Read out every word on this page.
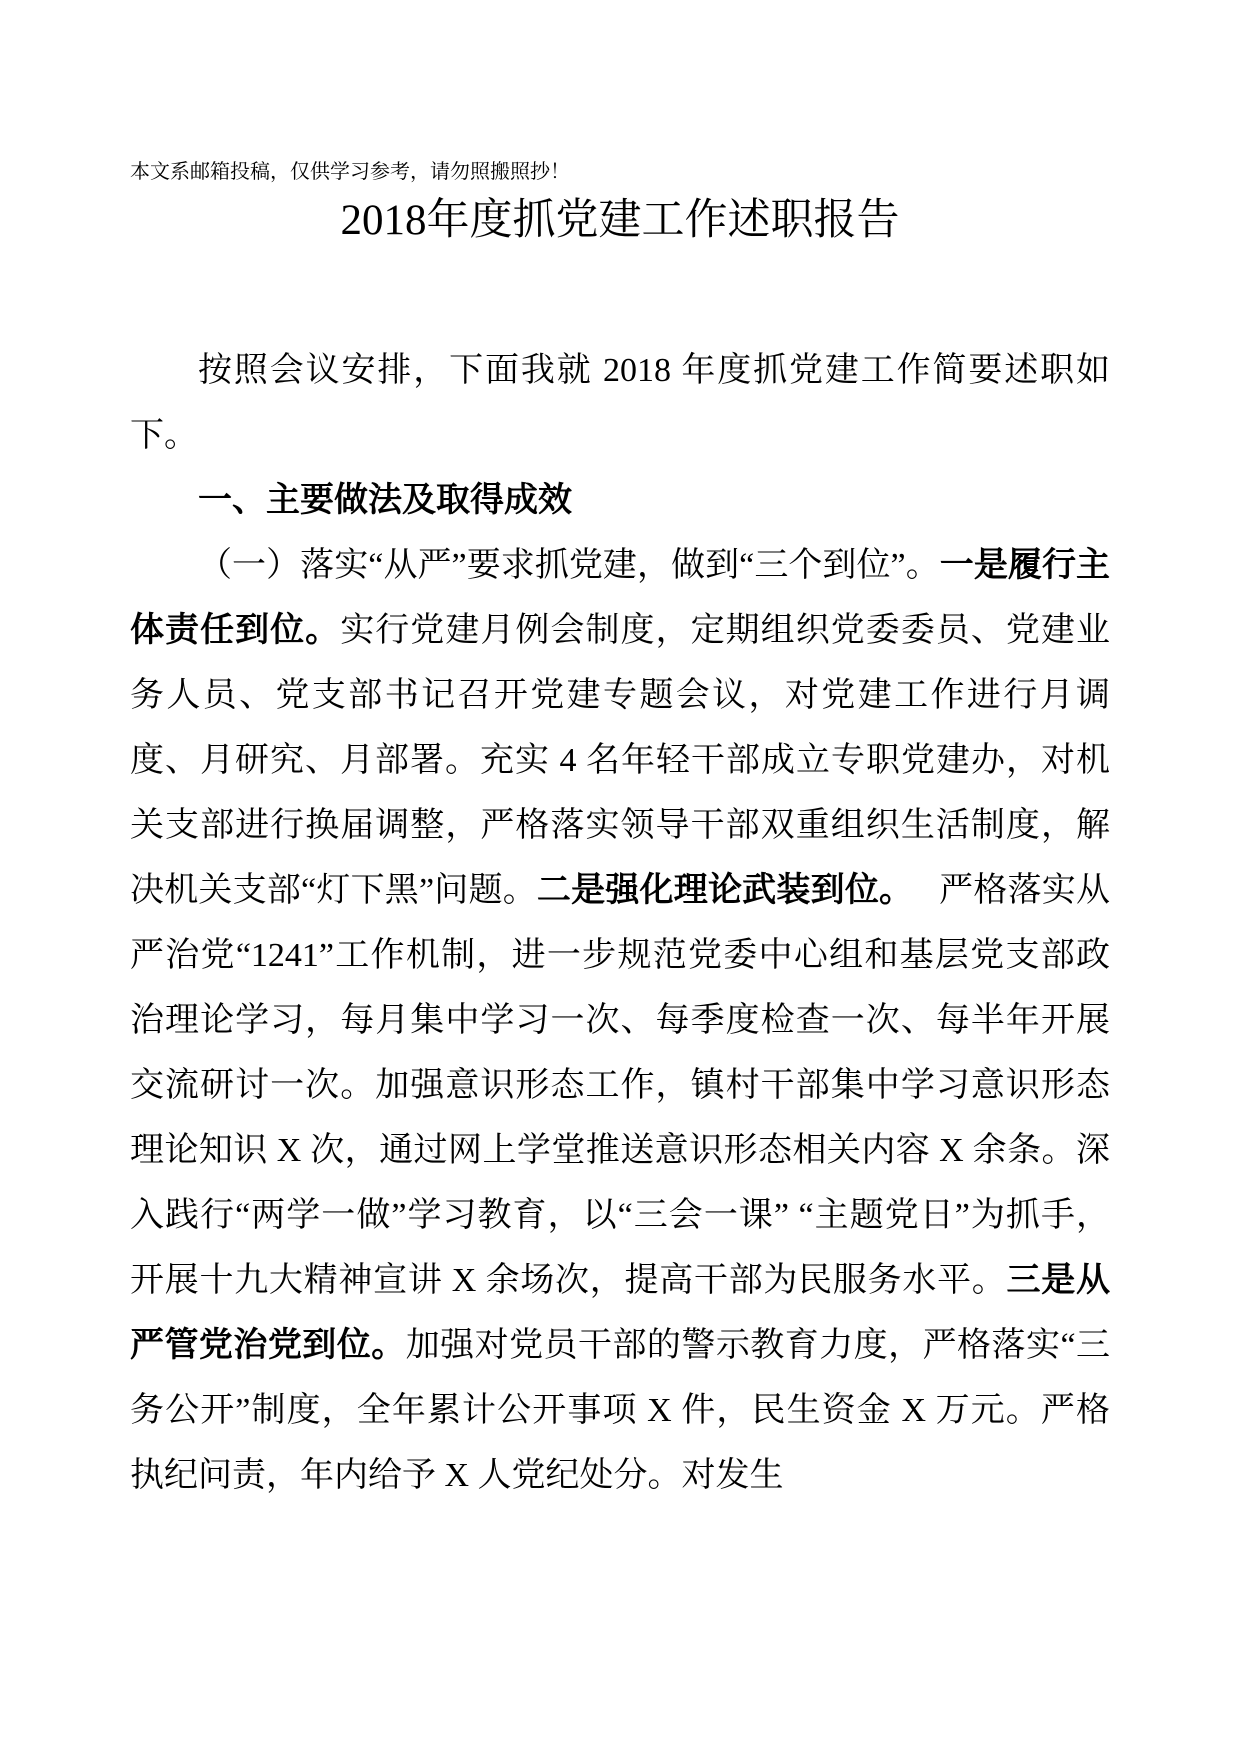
本文系邮箱投稿，仅供学习参考，请勿照搬照抄！
2018年度抓党建工作述职报告

按照会议安排，下面我就 2018 年度抓党建工作简要述职如下。

一、主要做法及取得成效

（一）落实“从严”要求抓党建，做到“三个到位”。一是履行主体责任到位。实行党建月例会制度，定期组织党委委员、党建业务人员、党支部书记召开党建专题会议，对党建工作进行月调度、月研究、月部署。充实 4 名年轻干部成立专职党建办，对机关支部进行换届调整，严格落实领导干部双重组织生活制度，解决机关支部“灯下黑”问题。二是强化理论武装到位。　 严格落实从严治党“1241”工作机制，进一步规范党委中心组和基层党支部政治理论学习，每月集中学习一次、每季度检查一次、每半年开展交流研讨一次。加强意识形态工作，镇村干部集中学习意识形态理论知识 X 次，通过网上学堂推送意识形态相关内容 X 余条。深入践行“两学一做”学习教育，以“三会一课” “主题党日”为抓手，开展十九大精神宣讲 X 余场次，提高干部为民服务水平。三是从严管党治党到位。加强对党员干部的警示教育力度，严格落实“三务公开”制度，全年累计公开事项 X 件，民生资金 X 万元。严格执纪问责，年内给予 X 人党纪处分。对发生
